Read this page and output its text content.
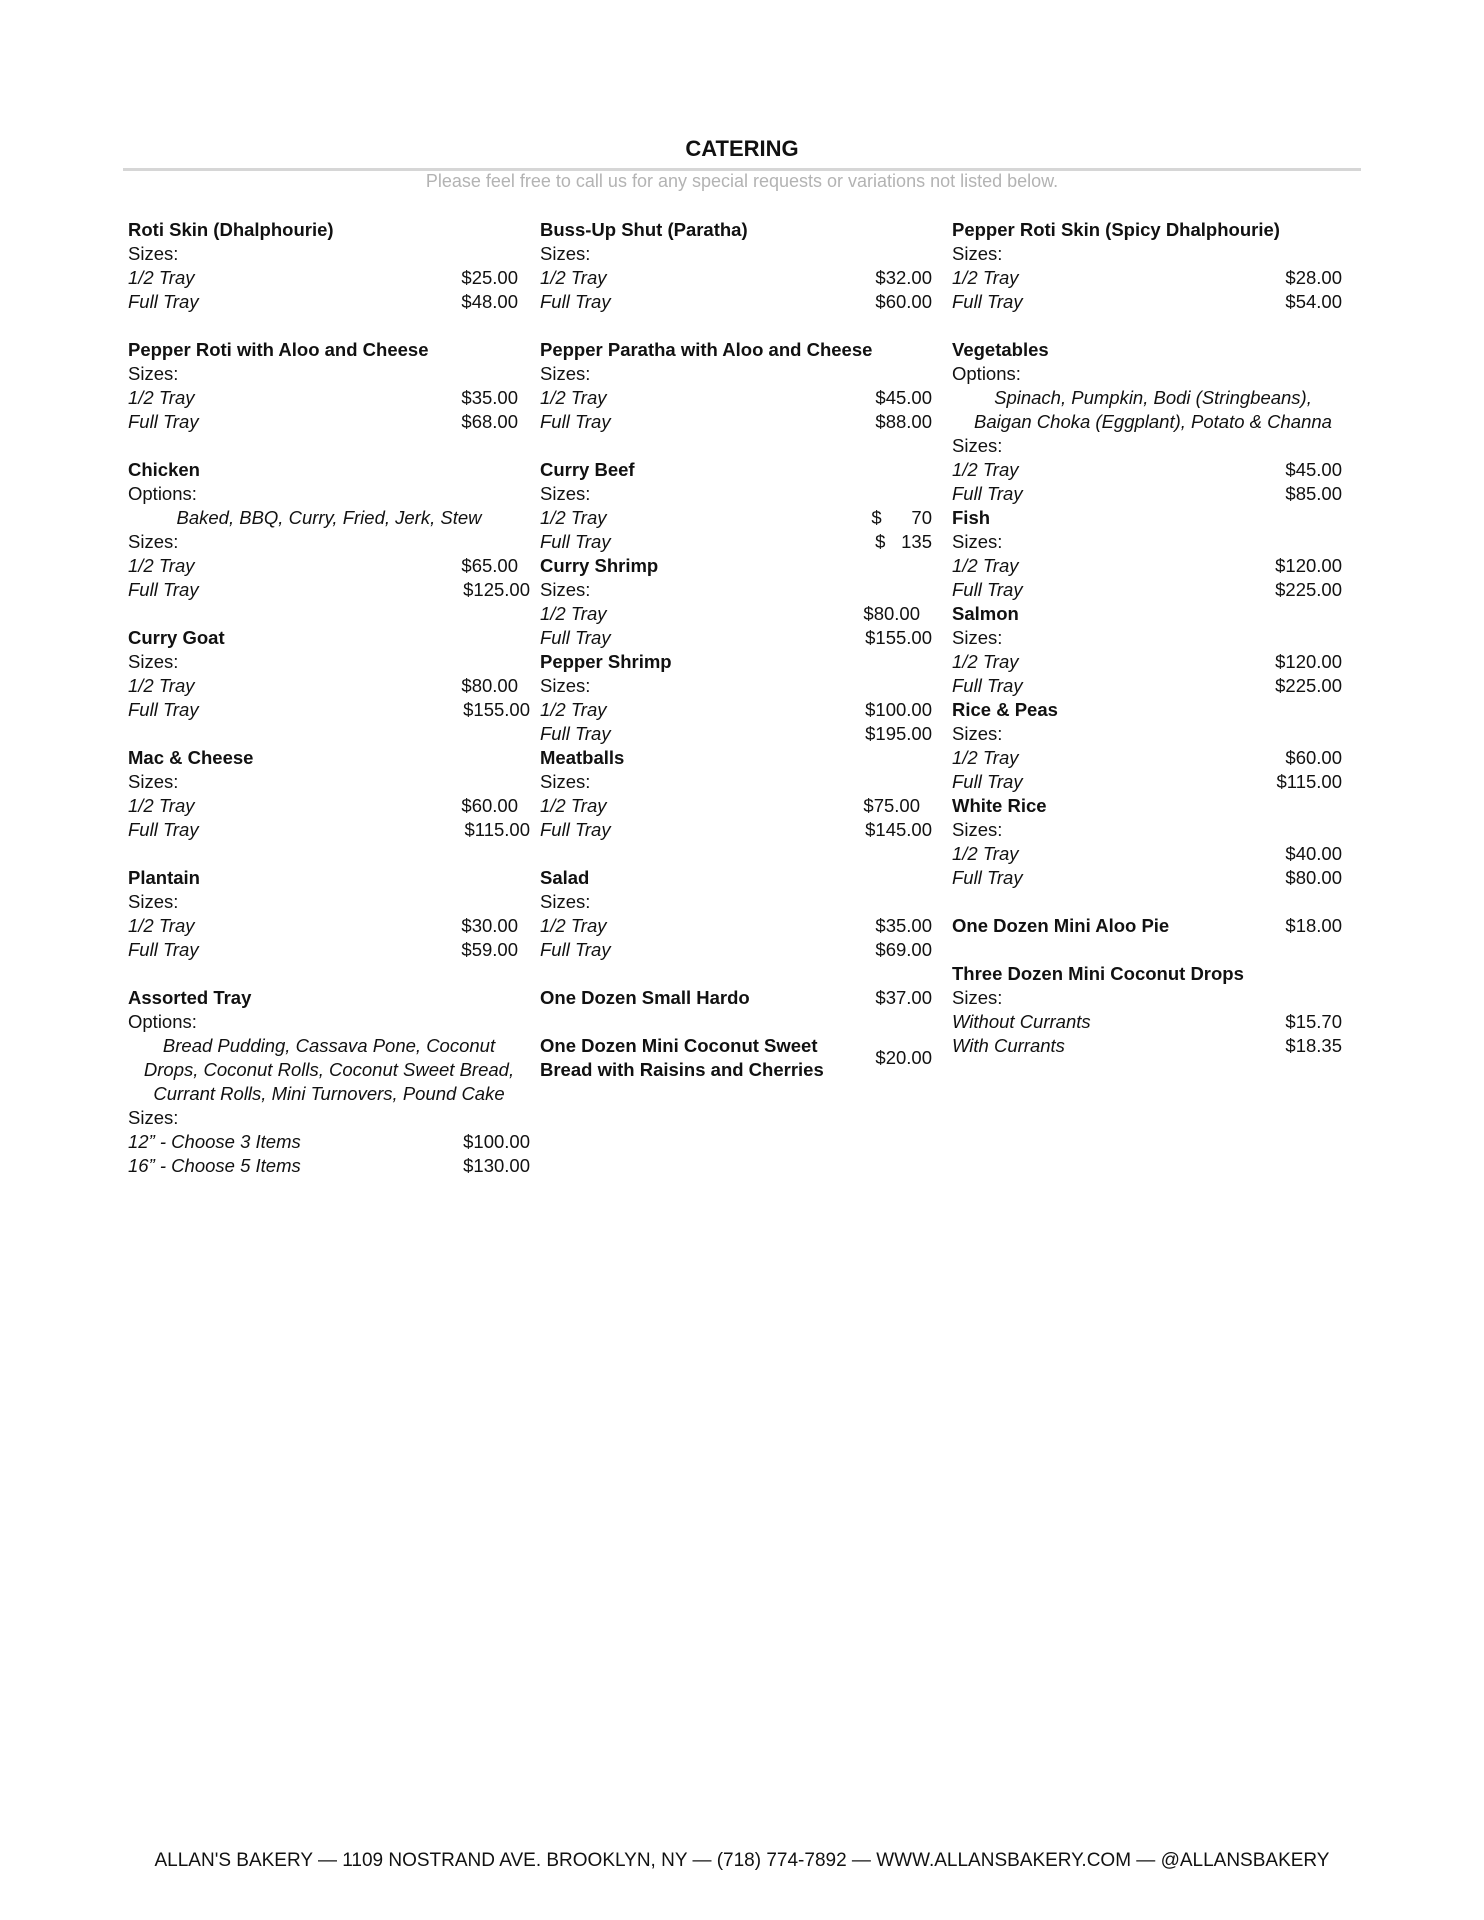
CATERING
Please feel free to call us for any special requests or variations not listed below.
Roti Skin (Dhalphourie)
Sizes:
1/2 Tray	$25.00
Full Tray	$48.00
Pepper Roti with Aloo and Cheese
Sizes:
1/2 Tray	$35.00
Full Tray	$68.00
Chicken
Options:
Baked, BBQ, Curry, Fried, Jerk, Stew
Sizes:
1/2 Tray	$65.00
Full Tray	$125.00
Curry Goat
Sizes:
1/2 Tray	$80.00
Full Tray	$155.00
Mac & Cheese
Sizes:
1/2 Tray	$60.00
Full Tray	$115.00
Plantain
Sizes:
1/2 Tray	$30.00
Full Tray	$59.00
Assorted Tray
Options:
Bread Pudding, Cassava Pone, Coconut
Drops, Coconut Rolls, Coconut Sweet Bread,
Currant Rolls, Mini Turnovers, Pound Cake
Sizes:
12” - Choose 3 Items	$100.00
16” - Choose 5 Items	$130.00
Buss-Up Shut (Paratha)
Sizes:
1/2 Tray	$32.00
Full Tray	$60.00
Pepper Paratha with Aloo and Cheese
Sizes:
1/2 Tray	$45.00
Full Tray	$88.00
Curry Beef
Sizes:
1/2 Tray	$ 70
Full Tray	$ 135
Curry Shrimp
Sizes:
1/2 Tray	$80.00
Full Tray	$155.00
Pepper Shrimp
Sizes:
1/2 Tray	$100.00
Full Tray	$195.00
Meatballs
Sizes:
1/2 Tray	$75.00
Full Tray	$145.00
Salad
Sizes:
1/2 Tray	$35.00
Full Tray	$69.00
One Dozen Small Hardo	$37.00
One Dozen Mini Coconut Sweet
Bread with Raisins and Cherries
$20.00
Pepper Roti Skin (Spicy Dhalphourie)
Sizes:
1/2 Tray	$28.00
Full Tray	$54.00
Vegetables
Options:
Spinach, Pumpkin, Bodi (Stringbeans),
Baigan Choka (Eggplant), Potato & Channa
Sizes:
1/2 Tray	$45.00
Full Tray	$85.00
Fish
Sizes:
1/2 Tray	$120.00
Full Tray	$225.00
Salmon
Sizes:
1/2 Tray	$120.00
Full Tray	$225.00
Rice & Peas
Sizes:
1/2 Tray	$60.00
Full Tray	$115.00
White Rice
Sizes:
1/2 Tray	$40.00
Full Tray	$80.00
One Dozen Mini Aloo Pie	$18.00
Three Dozen Mini Coconut Drops
Sizes:
Without Currants	$15.70
With Currants	$18.35
ALLAN'S BAKERY — 1109 NOSTRAND AVE. BROOKLYN, NY — (718) 774-7892 — WWW.ALLANSBAKERY.COM — @ALLANSBAKERY
